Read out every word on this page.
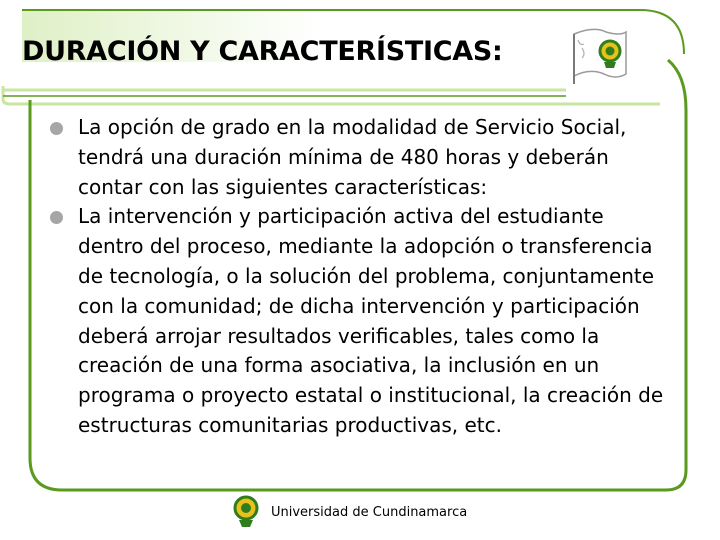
DURACIÓN Y CARACTERÍSTICAS:
La opción de grado en la modalidad de Servicio Social, tendrá una duración mínima de 480 horas y deberán contar con las siguientes características:
La intervención y participación activa del estudiante dentro del proceso, mediante la adopción o transferencia de tecnología, o la solución del problema, conjuntamente con la comunidad; de dicha intervención y participación deberá arrojar resultados verificables, tales como la creación de una forma asociativa, la inclusión en un programa o proyecto estatal o institucional, la creación de estructuras comunitarias productivas, etc.
Universidad de Cundinamarca
